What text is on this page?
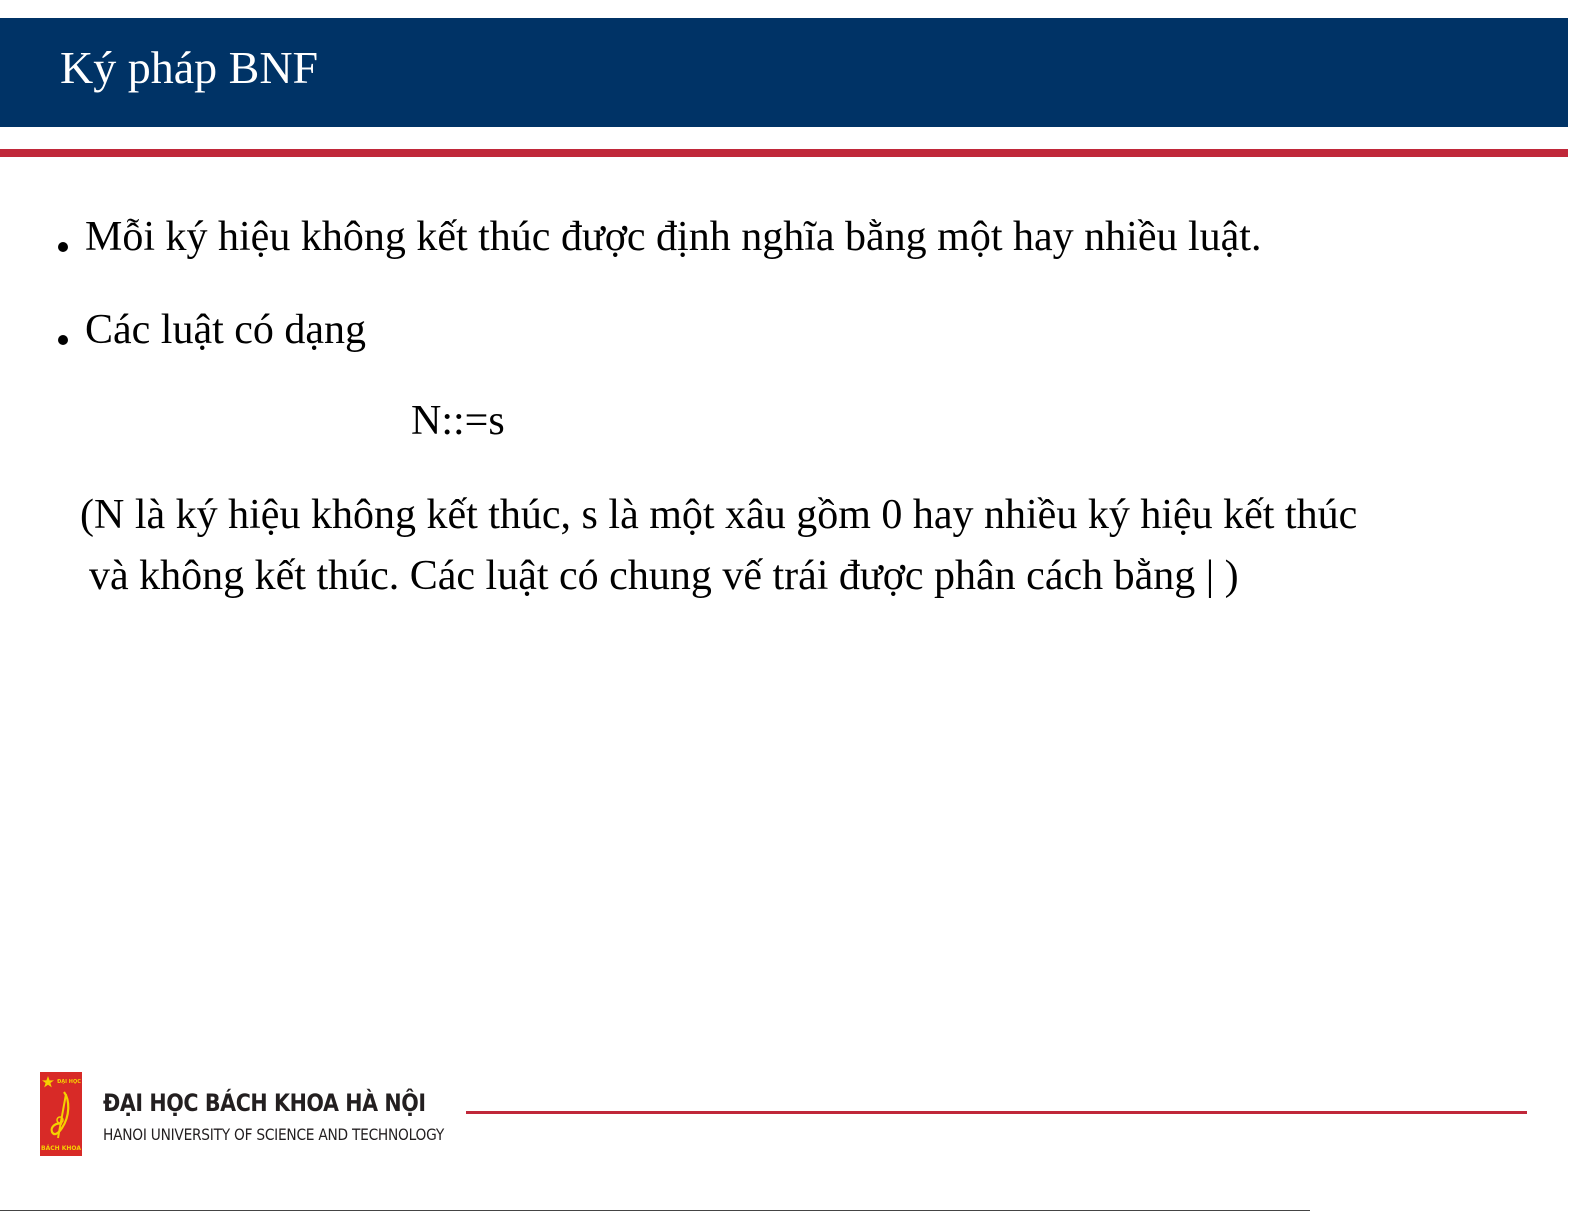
Ký pháp BNF
Mỗi ký hiệu không kết thúc được định nghĩa bằng một hay nhiều luật.
Các luật có dạng
N::=s
(N là ký hiệu không kết thúc, s là một xâu gồm 0 hay nhiều ký hiệu kết thúc
và không kết thúc. Các luật có chung vế trái được phân cách bằng | )
ĐẠI HỌC
BÁCH KHOA
ĐẠI HỌC BÁCH KHOA HÀ NỘI
HANOI UNIVERSITY OF SCIENCE AND TECHNOLOGY
